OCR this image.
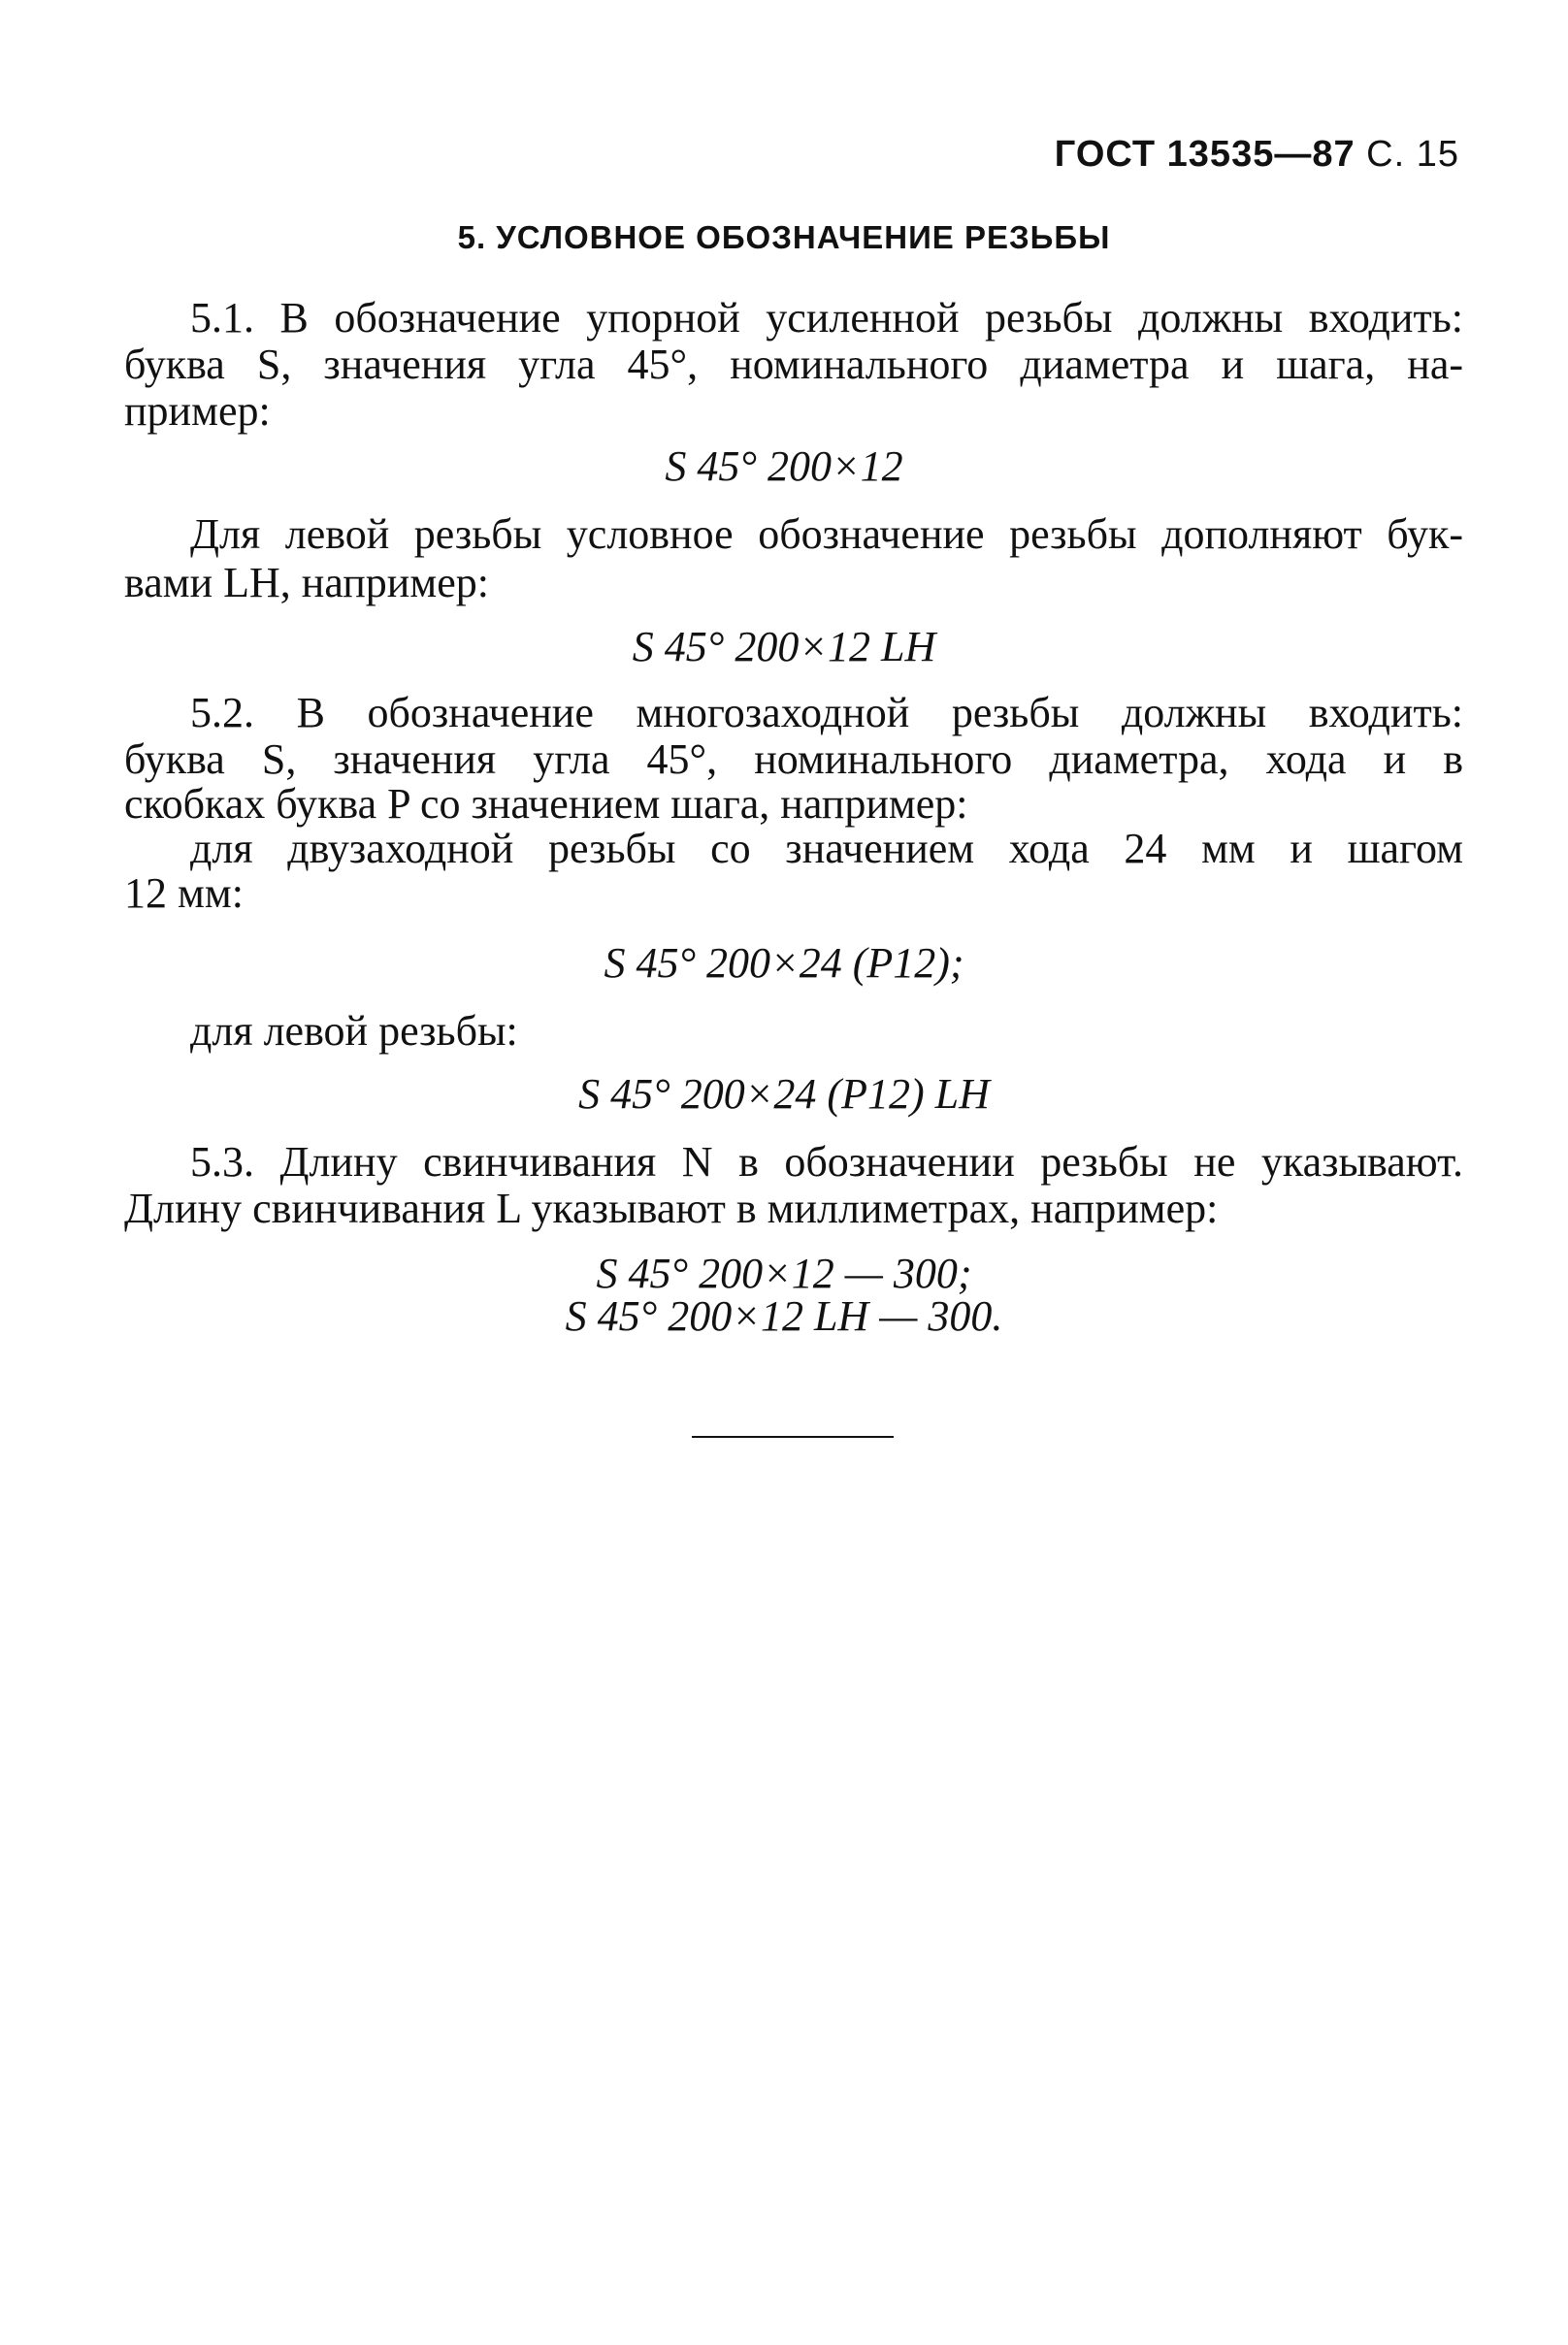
ГОСТ 13535—87 С. 15
5. УСЛОВНОЕ ОБОЗНАЧЕНИЕ РЕЗЬБЫ
5.1. В обозначение упорной усиленной резьбы должны входить:
буква S, значения угла 45°, номинального диаметра и шага, на-
пример:
S 45° 200×12
Для левой резьбы условное обозначение резьбы дополняют бук-
вами LH, например:
S 45° 200×12 LH
5.2. В обозначение многозаходной резьбы должны входить:
буква S, значения угла 45°, номинального диаметра, хода и в
скобках буква P со значением шага, например:
для двузаходной резьбы со значением хода 24 мм и шагом
12 мм:
S 45° 200×24 (P12);
для левой резьбы:
S 45° 200×24 (P12) LH
5.3. Длину свинчивания N в обозначении резьбы не указывают.
Длину свинчивания L указывают в миллиметрах, например:
S 45° 200×12 — 300;
S 45° 200×12 LH — 300.
